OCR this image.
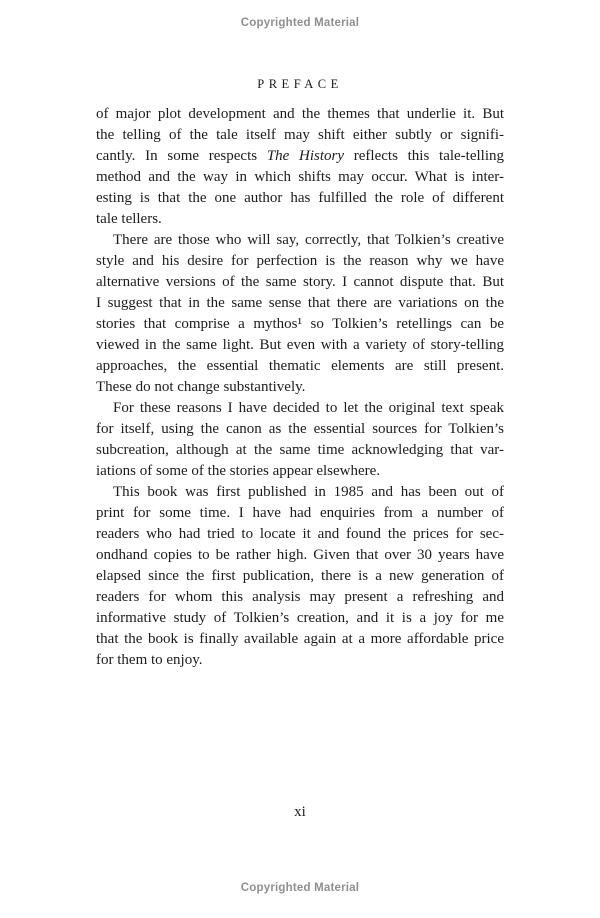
Copyrighted Material
PREFACE
of major plot development and the themes that underlie it. But
the telling of the tale itself may shift either subtly or signifi-
cantly. In some respects The History reflects this tale-telling
method and the way in which shifts may occur. What is inter-
esting is that the one author has fulfilled the role of different
tale tellers.
There are those who will say, correctly, that Tolkien’s creative
style and his desire for perfection is the reason why we have
alternative versions of the same story. I cannot dispute that. But
I suggest that in the same sense that there are variations on the
stories that comprise a mythos¹ so Tolkien’s retellings can be
viewed in the same light. But even with a variety of story-telling
approaches, the essential thematic elements are still present.
These do not change substantively.
For these reasons I have decided to let the original text speak
for itself, using the canon as the essential sources for Tolkien’s
subcreation, although at the same time acknowledging that var-
iations of some of the stories appear elsewhere.
This book was first published in 1985 and has been out of
print for some time. I have had enquiries from a number of
readers who had tried to locate it and found the prices for sec-
ondhand copies to be rather high. Given that over 30 years have
elapsed since the first publication, there is a new generation of
readers for whom this analysis may present a refreshing and
informative study of Tolkien’s creation, and it is a joy for me
that the book is finally available again at a more affordable price
for them to enjoy.
xi
Copyrighted Material
